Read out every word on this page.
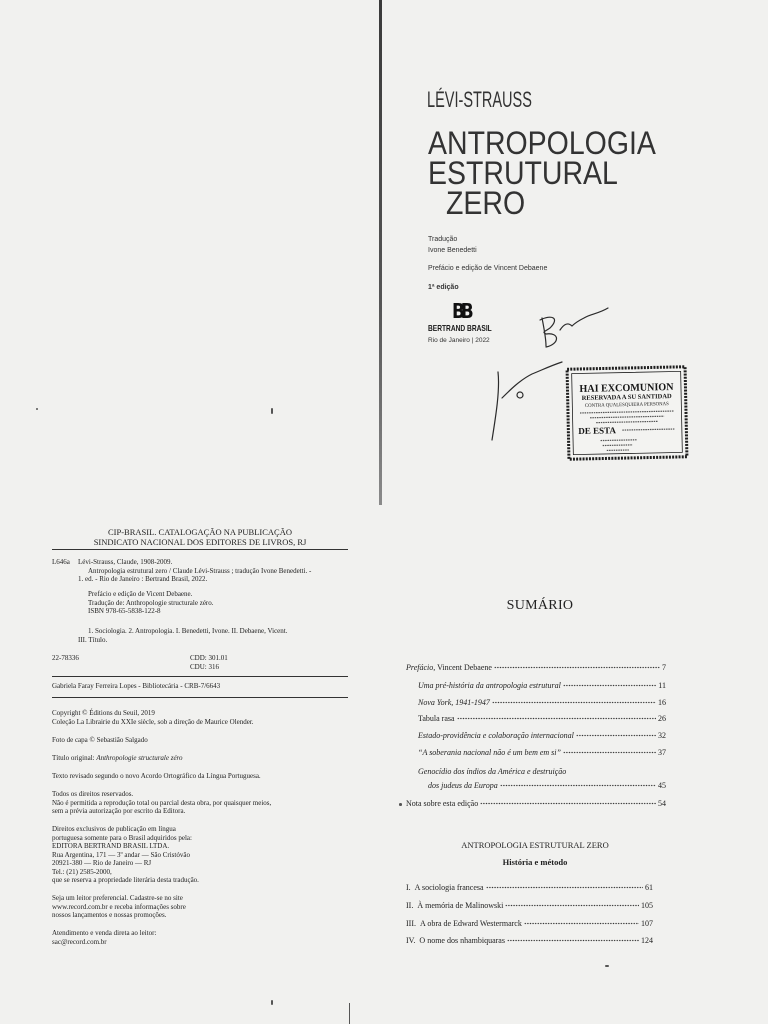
LÉVI-STRAUSS
ANTROPOLOGIA
ESTRUTURAL
ZERO
Tradução
Ivone Benedetti
Prefácio e edição de Vincent Debaene
1ª edição
BB
BERTRAND BRASIL
Rio de Janeiro | 2022
HAI EXCOMUNION
RESERVADA A SU SANTIDAD
CONTRA QUALESQUIERA PERSONAS
DE ESTA
CIP-BRASIL. CATALOGAÇÃO NA PUBLICAÇÃO
SINDICATO NACIONAL DOS EDITORES DE LIVROS, RJ
L646a Lévi-Strauss, Claude, 1908-2009.
Antropologia estrutural zero / Claude Lévi-Strauss ; tradução Ivone Benedetti. -
1. ed. - Rio de Janeiro : Bertrand Brasil, 2022.
Prefácio e edição de Vicent Debaene.
Tradução de: Anthropologie structurale zéro.
ISBN 978-65-5838-122-8
1. Sociologia. 2. Antropologia. I. Benedetti, Ivone. II. Debaene, Vicent.
III. Título.
22-78336	CDD: 301.01
CDU: 316
Gabriela Faray Ferreira Lopes - Bibliotecária - CRB-7/6643
Copyright © Éditions du Seuil, 2019
Coleção La Librairie du XXIe siècle, sob a direção de Maurice Olender.
Foto de capa © Sebastião Salgado
Título original: Anthropologie structurale zéro
Texto revisado segundo o novo Acordo Ortográfico da Língua Portuguesa.
Todos os direitos reservados.
Não é permitida a reprodução total ou parcial desta obra, por quaisquer meios,
sem a prévia autorização por escrito da Editora.
Direitos exclusivos de publicação em língua
portuguesa somente para o Brasil adquiridos pela:
EDITORA BERTRAND BRASIL LTDA.
Rua Argentina, 171 — 3º andar — São Cristóvão
20921-380 — Rio de Janeiro — RJ
Tel.: (21) 2585-2000,
que se reserva a propriedade literária desta tradução.
Seja um leitor preferencial. Cadastre-se no site
www.record.com.br e receba informações sobre
nossos lançamentos e nossas promoções.
Atendimento e venda direta ao leitor:
sac@record.com.br
SUMÁRIO
Prefácio, Vincent Debaene	7
Uma pré-história da antropologia estrutural	11
Nova York, 1941-1947	16
Tabula rasa	26
Estado-providência e colaboração internacional	32
“A soberania nacional não é um bem em si”	37
Genocídio dos índios da América e destruição
dos judeus da Europa	45
Nota sobre esta edição	54
ANTROPOLOGIA ESTRUTURAL ZERO
História e método
I. A sociologia francesa	61
II. À memória de Malinowski	105
III. A obra de Edward Westermarck	107
IV. O nome dos nhambiquaras	124
